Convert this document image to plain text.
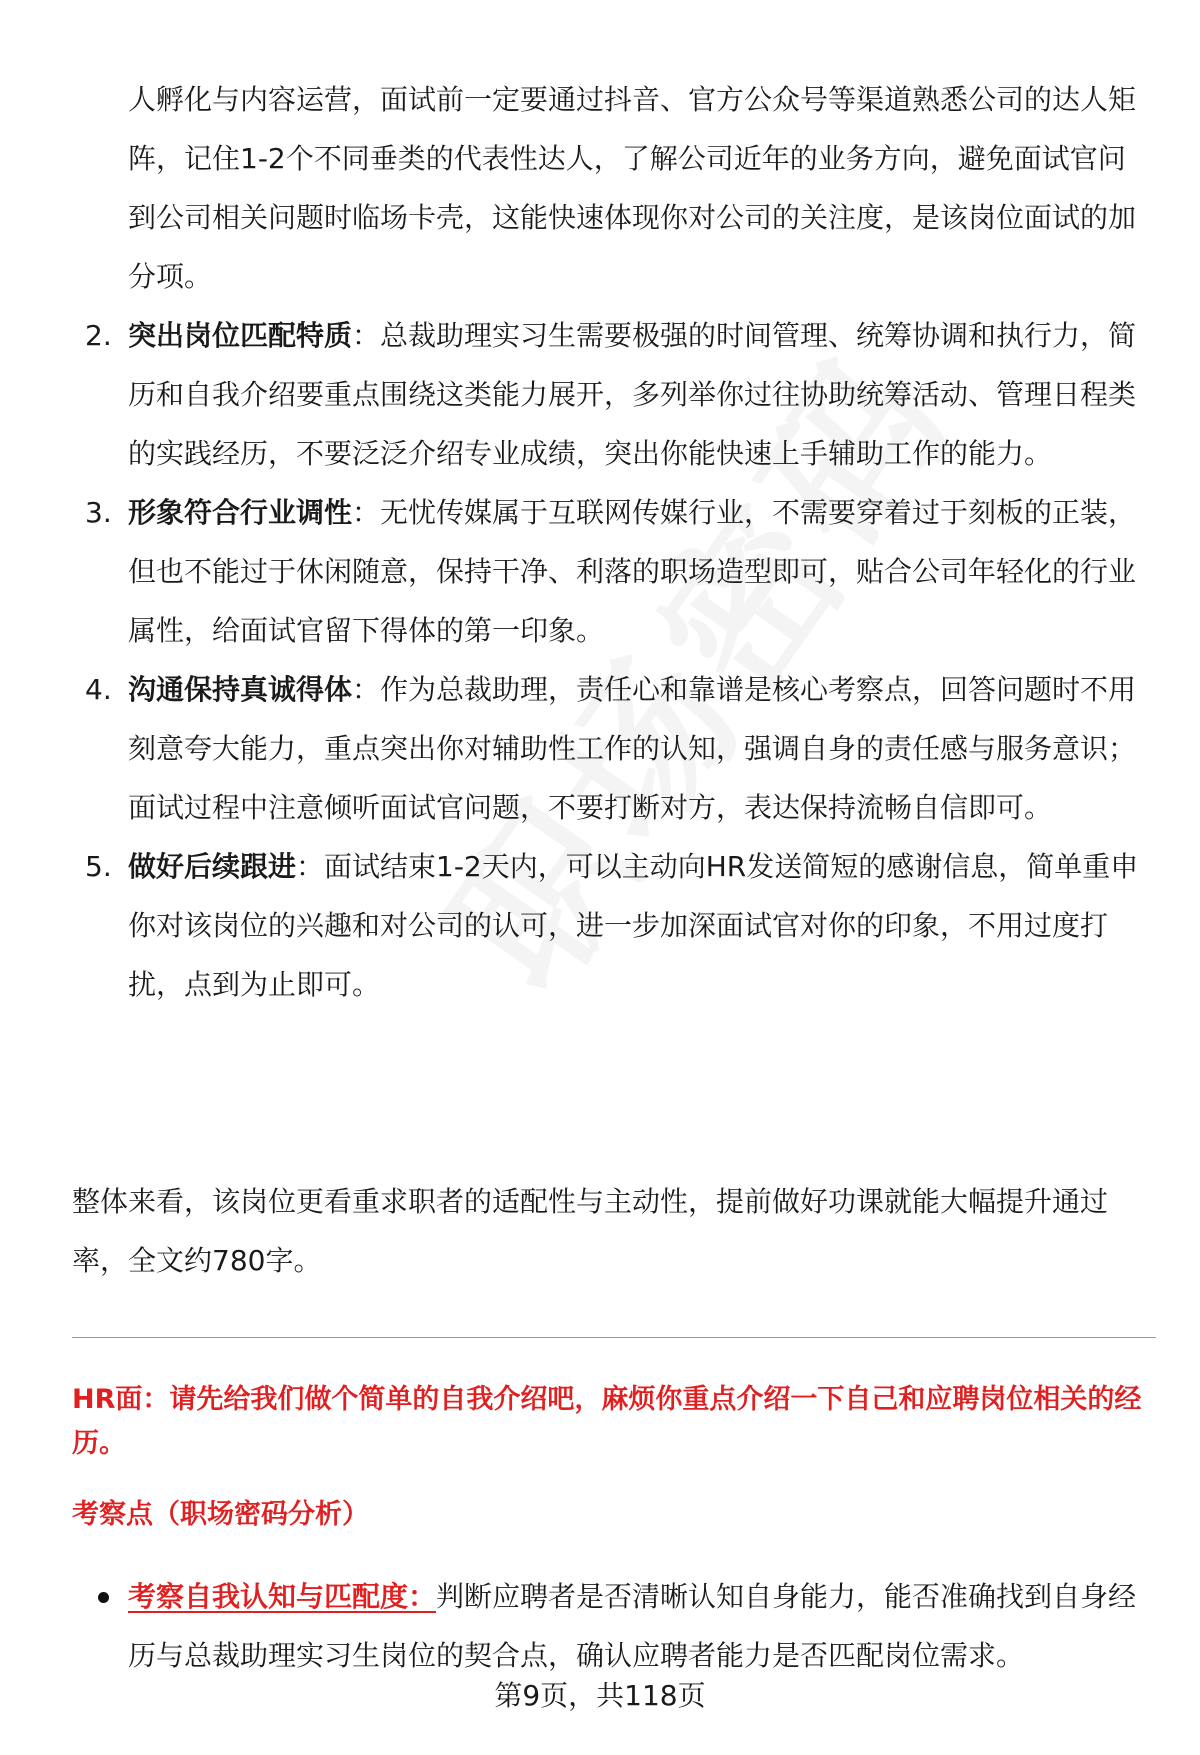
人孵化与内容运营，面试前一定要通过抖音、官方公众号等渠道熟悉公司的达人矩阵，记住1-2个不同垂类的代表性达人，了解公司近年的业务方向，避免面试官问到公司相关问题时临场卡壳，这能快速体现你对公司的关注度，是该岗位面试的加分项。
2. 突出岗位匹配特质：总裁助理实习生需要极强的时间管理、统筹协调和执行力，简历和自我介绍要重点围绕这类能力展开，多列举你过往协助统筹活动、管理日程类的实践经历，不要泛泛介绍专业成绩，突出你能快速上手辅助工作的能力。
3. 形象符合行业调性：无忧传媒属于互联网传媒行业，不需要穿着过于刻板的正装，但也不能过于休闲随意，保持干净、利落的职场造型即可，贴合公司年轻化的行业属性，给面试官留下得体的第一印象。
4. 沟通保持真诚得体：作为总裁助理，责任心和靠谱是核心考察点，回答问题时不用刻意夸大能力，重点突出你对辅助性工作的认知，强调自身的责任感与服务意识；面试过程中注意倾听面试官问题，不要打断对方，表达保持流畅自信即可。
5. 做好后续跟进：面试结束1-2天内，可以主动向HR发送简短的感谢信息，简单重申你对该岗位的兴趣和对公司的认可，进一步加深面试官对你的印象，不用过度打扰，点到为止即可。
整体来看，该岗位更看重求职者的适配性与主动性，提前做好功课就能大幅提升通过率，全文约780字。
HR面：请先给我们做个简单的自我介绍吧，麻烦你重点介绍一下自己和应聘岗位相关的经历。
考察点（职场密码分析）
考察自我认知与匹配度：判断应聘者是否清晰认知自身能力，能否准确找到自身经历与总裁助理实习生岗位的契合点，确认应聘者能力是否匹配岗位需求。
第9页，共118页
